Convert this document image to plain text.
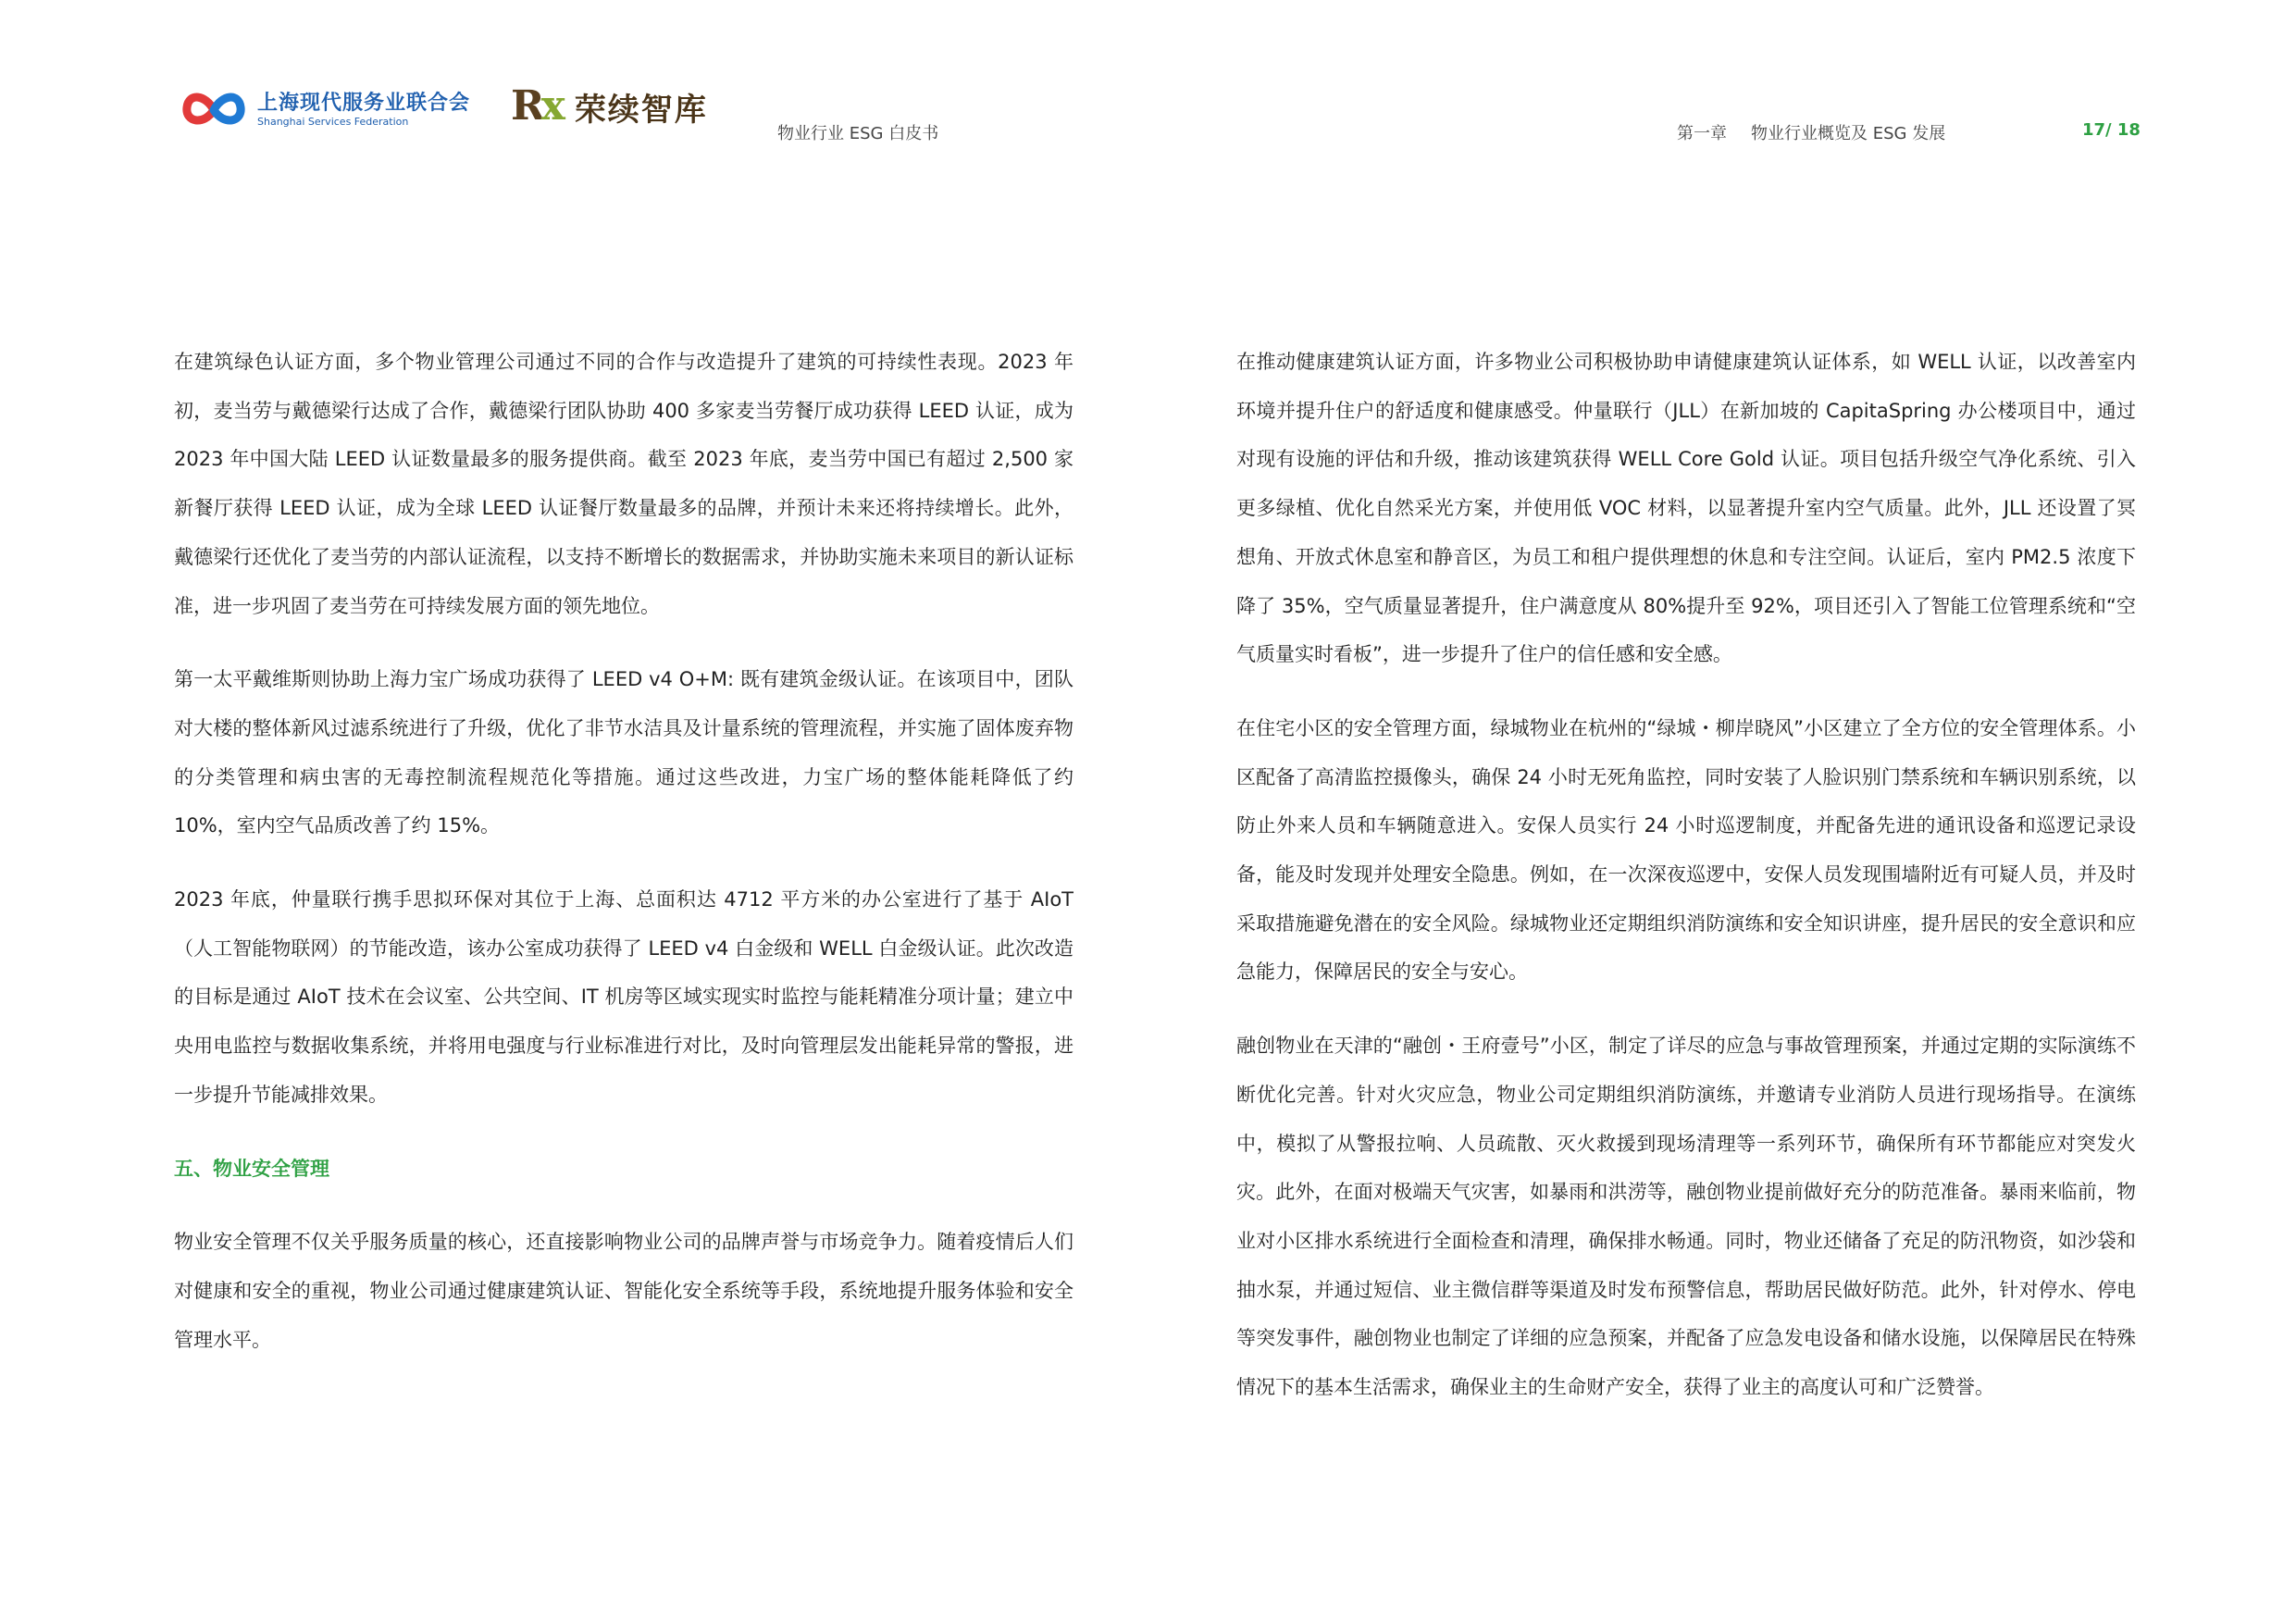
上海现代服务业联合会
Shanghai Services Federation	Rx 荣续智库
物业行业 ESG 白皮书	第一章 物业行业概览及 ESG 发展	17/ 18

在建筑绿色认证方面，多个物业管理公司通过不同的合作与改造提升了建筑的可持续性表现。2023 年初，麦当劳与戴德梁行达成了合作，戴德梁行团队协助 400 多家麦当劳餐厅成功获得 LEED 认证，成为 2023 年中国大陆 LEED 认证数量最多的服务提供商。截至 2023 年底，麦当劳中国已有超过 2,500 家新餐厅获得 LEED 认证，成为全球 LEED 认证餐厅数量最多的品牌，并预计未来还将持续增长。此外，戴德梁行还优化了麦当劳的内部认证流程，以支持不断增长的数据需求，并协助实施未来项目的新认证标准，进一步巩固了麦当劳在可持续发展方面的领先地位。

第一太平戴维斯则协助上海力宝广场成功获得了 LEED v4 O+M: 既有建筑金级认证。在该项目中，团队对大楼的整体新风过滤系统进行了升级，优化了非节水洁具及计量系统的管理流程，并实施了固体废弃物的分类管理和病虫害的无毒控制流程规范化等措施。通过这些改进，力宝广场的整体能耗降低了约 10%，室内空气品质改善了约 15%。

2023 年底，仲量联行携手思拟环保对其位于上海、总面积达 4712 平方米的办公室进行了基于 AIoT（人工智能物联网）的节能改造，该办公室成功获得了 LEED v4 白金级和 WELL 白金级认证。此次改造的目标是通过 AIoT 技术在会议室、公共空间、IT 机房等区域实现实时监控与能耗精准分项计量；建立中央用电监控与数据收集系统，并将用电强度与行业标准进行对比，及时向管理层发出能耗异常的警报，进一步提升节能减排效果。

五、物业安全管理

物业安全管理不仅关乎服务质量的核心，还直接影响物业公司的品牌声誉与市场竞争力。随着疫情后人们对健康和安全的重视，物业公司通过健康建筑认证、智能化安全系统等手段，系统地提升服务体验和安全管理水平。

在推动健康建筑认证方面，许多物业公司积极协助申请健康建筑认证体系，如 WELL 认证，以改善室内环境并提升住户的舒适度和健康感受。仲量联行（JLL）在新加坡的 CapitaSpring 办公楼项目中，通过对现有设施的评估和升级，推动该建筑获得 WELL Core Gold 认证。项目包括升级空气净化系统、引入更多绿植、优化自然采光方案，并使用低 VOC 材料，以显著提升室内空气质量。此外，JLL 还设置了冥想角、开放式休息室和静音区，为员工和租户提供理想的休息和专注空间。认证后，室内 PM2.5 浓度下降了 35%，空气质量显著提升，住户满意度从 80%提升至 92%，项目还引入了智能工位管理系统和“空气质量实时看板”，进一步提升了住户的信任感和安全感。

在住宅小区的安全管理方面，绿城物业在杭州的“绿城・柳岸晓风”小区建立了全方位的安全管理体系。小区配备了高清监控摄像头，确保 24 小时无死角监控，同时安装了人脸识别门禁系统和车辆识别系统，以防止外来人员和车辆随意进入。安保人员实行 24 小时巡逻制度，并配备先进的通讯设备和巡逻记录设备，能及时发现并处理安全隐患。例如，在一次深夜巡逻中，安保人员发现围墙附近有可疑人员，并及时采取措施避免潜在的安全风险。绿城物业还定期组织消防演练和安全知识讲座，提升居民的安全意识和应急能力，保障居民的安全与安心。

融创物业在天津的“融创・王府壹号”小区，制定了详尽的应急与事故管理预案，并通过定期的实际演练不断优化完善。针对火灾应急，物业公司定期组织消防演练，并邀请专业消防人员进行现场指导。在演练中，模拟了从警报拉响、人员疏散、灭火救援到现场清理等一系列环节，确保所有环节都能应对突发火灾。此外，在面对极端天气灾害，如暴雨和洪涝等，融创物业提前做好充分的防范准备。暴雨来临前，物业对小区排水系统进行全面检查和清理，确保排水畅通。同时，物业还储备了充足的防汛物资，如沙袋和抽水泵，并通过短信、业主微信群等渠道及时发布预警信息，帮助居民做好防范。此外，针对停水、停电等突发事件，融创物业也制定了详细的应急预案，并配备了应急发电设备和储水设施，以保障居民在特殊情况下的基本生活需求，确保业主的生命财产安全，获得了业主的高度认可和广泛赞誉。
